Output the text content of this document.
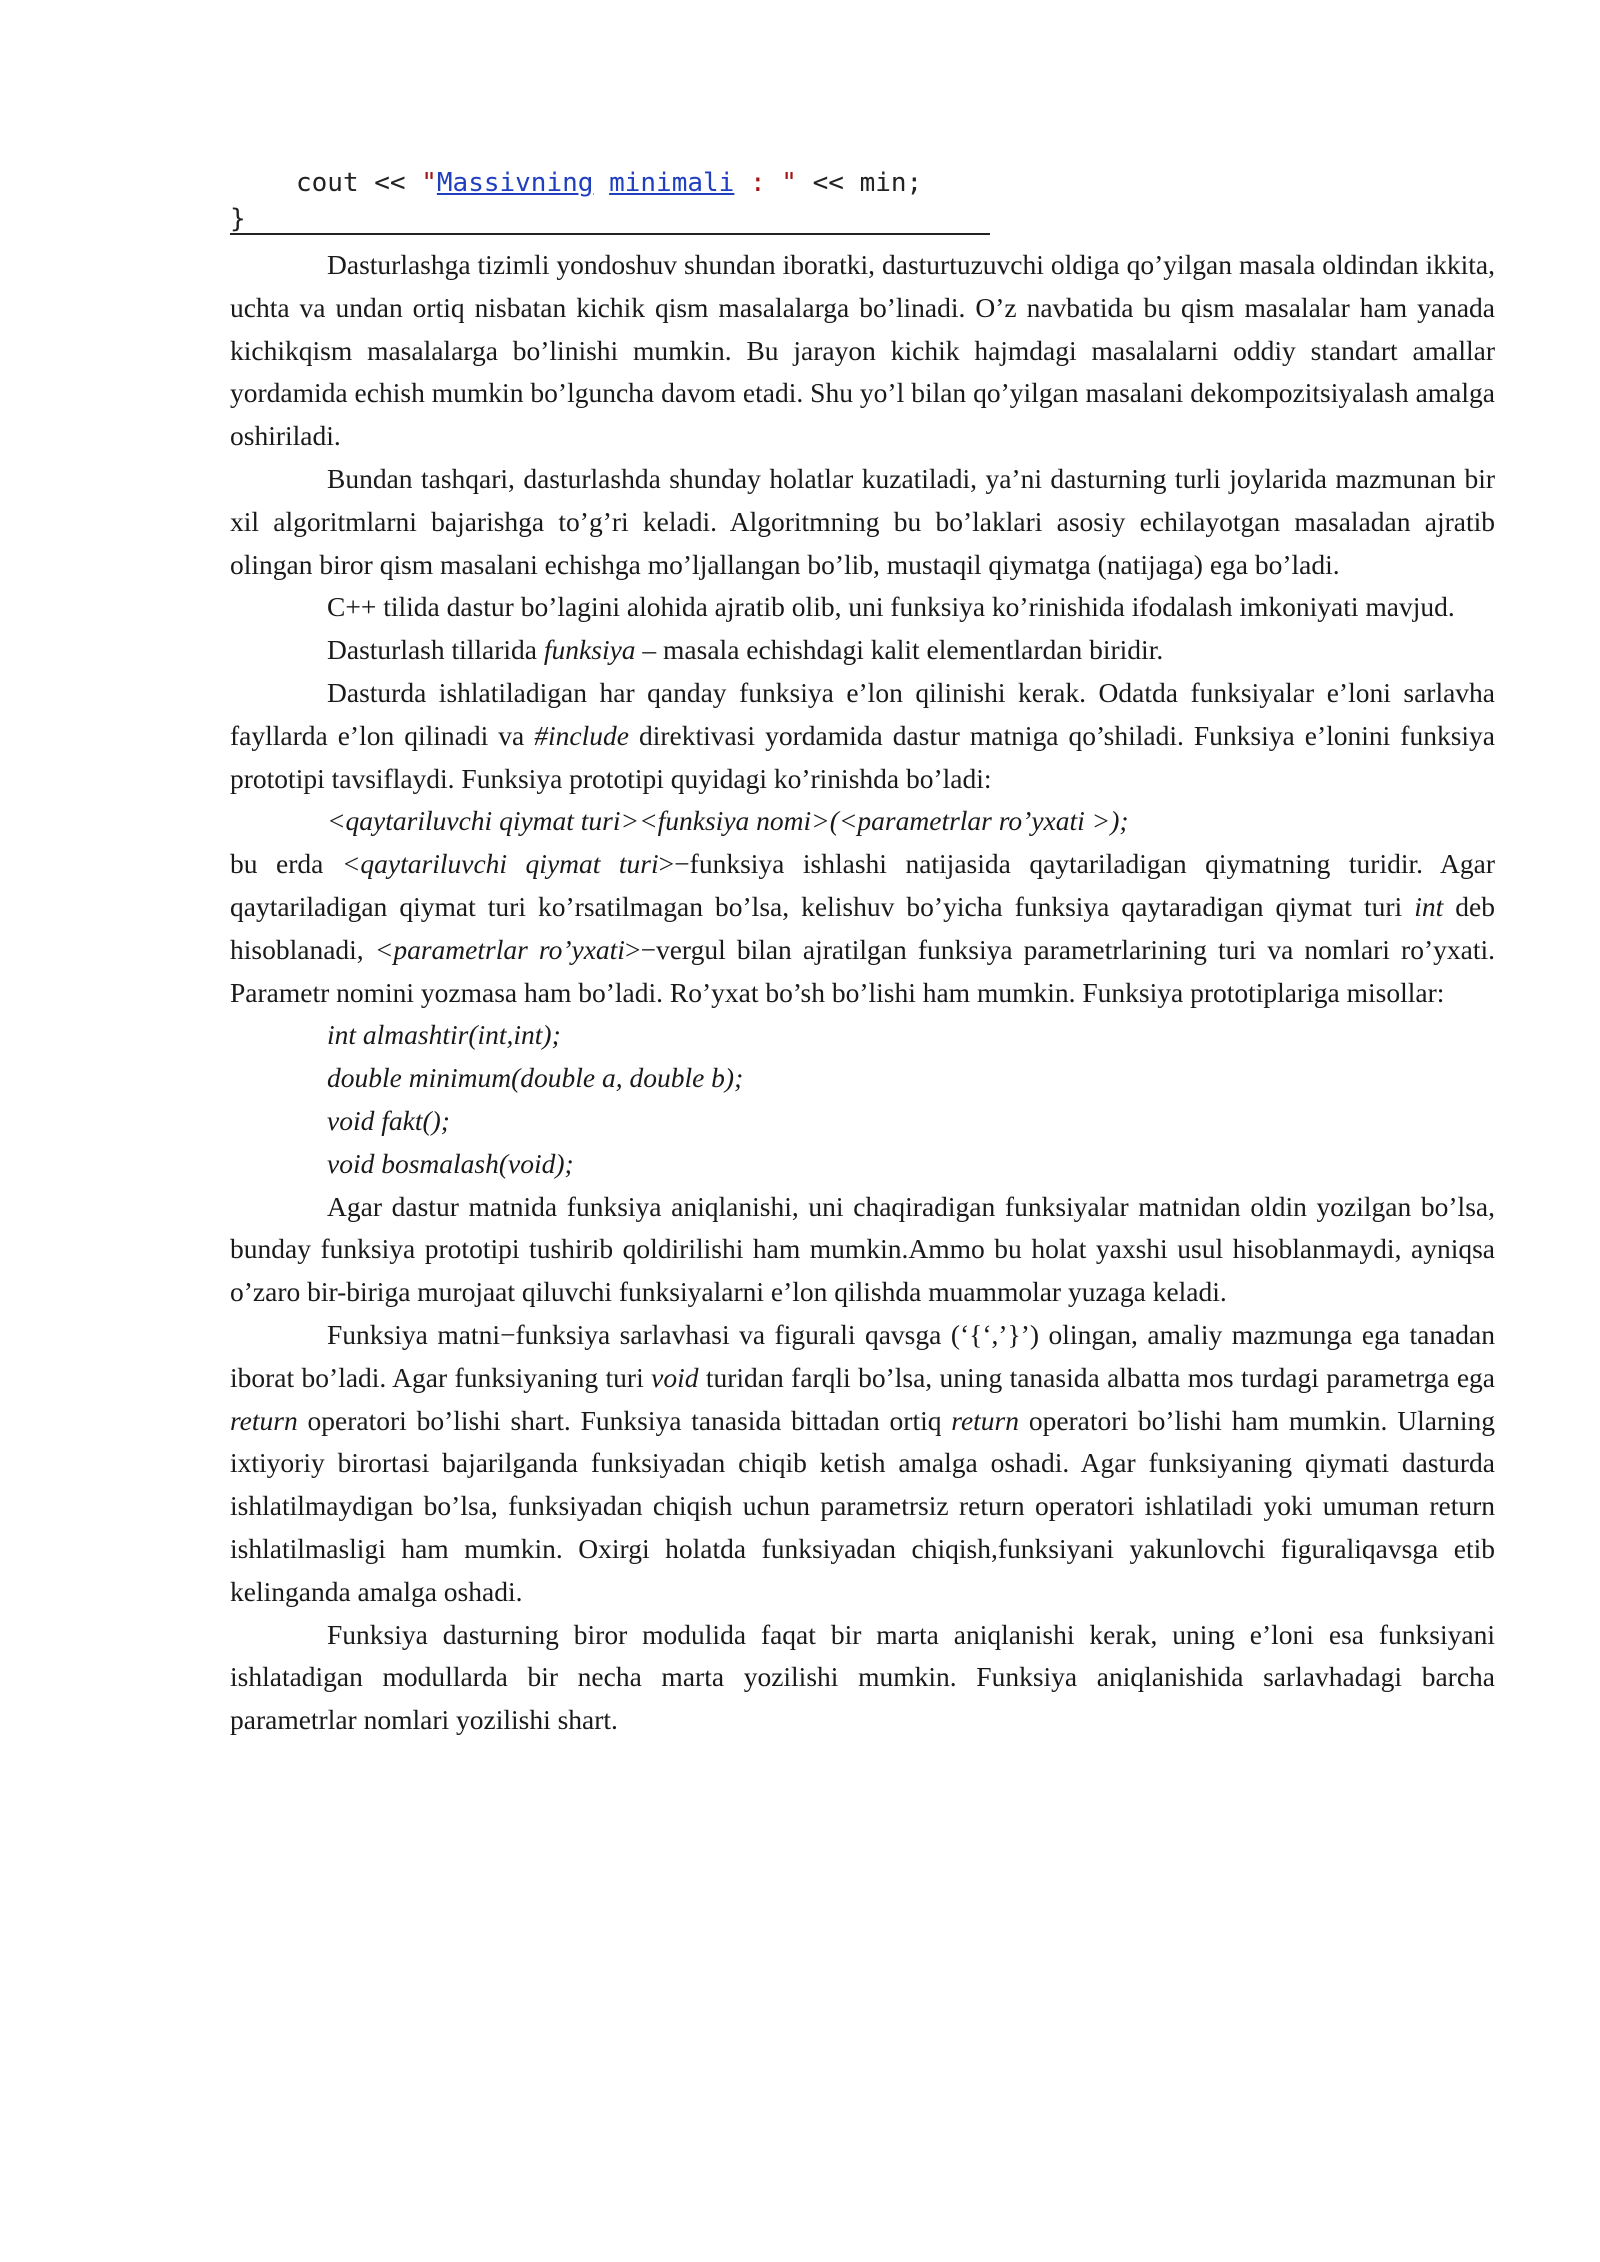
cout << "Massivning minimali : " << min;
}

Dasturlashga tizimli yondoshuv shundan iboratki, dasturtuzuvchi oldiga qo’yilgan masala oldindan ikkita, uchta va undan ortiq nisbatan kichik qism masalalarga bo’linadi. O’z navbatida bu qism masalalar ham yanada kichikqism masalalarga bo’linishi mumkin. Bu jarayon kichik hajmdagi masalalarni oddiy standart amallar yordamida echish mumkin bo’lguncha davom etadi. Shu yo’l bilan qo’yilgan masalani dekompozitsiyalash amalga oshiriladi.

Bundan tashqari, dasturlashda shunday holatlar kuzatiladi, ya’ni dasturning turli joylarida mazmunan bir xil algoritmlarni bajarishga to’g’ri keladi. Algoritmning bu bo’laklari asosiy echilayotgan masaladan ajratib olingan biror qism masalani echishga mo’ljallangan bo’lib, mustaqil qiymatga (natijaga) ega bo’ladi.

C++ tilida dastur bo’lagini alohida ajratib olib, uni funksiya ko’rinishida ifodalash imkoniyati mavjud.

Dasturlash tillarida funksiya – masala echishdagi kalit elementlardan biridir.

Dasturda ishlatiladigan har qanday funksiya e’lon qilinishi kerak. Odatda funksiyalar e’loni sarlavha fayllarda e’lon qilinadi va #include direktivasi yordamida dastur matniga qo’shiladi. Funksiya e’lonini funksiya prototipi tavsiflaydi. Funksiya prototipi quyidagi ko’rinishda bo’ladi:

<qaytariluvchi qiymat turi><funksiya nomi>(<parametrlar ro’yxati >);

bu erda <qaytariluvchi qiymat turi>−funksiya ishlashi natijasida qaytariladigan qiymatning turidir. Agar qaytariladigan qiymat turi ko’rsatilmagan bo’lsa, kelishuv bo’yicha funksiya qaytaradigan qiymat turi int deb hisoblanadi, <parametrlar ro’yxati>−vergul bilan ajratilgan funksiya parametrlarining turi va nomlari ro’yxati. Parametr nomini yozmasa ham bo’ladi. Ro’yxat bo’sh bo’lishi ham mumkin. Funksiya prototiplariga misollar:

int almashtir(int,int);

double minimum(double a, double b);

void fakt();

void bosmalash(void);

Agar dastur matnida funksiya aniqlanishi, uni chaqiradigan funksiyalar matnidan oldin yozilgan bo’lsa, bunday funksiya prototipi tushirib qoldirilishi ham mumkin.Ammo bu holat yaxshi usul hisoblanmaydi, ayniqsa o’zaro bir-biriga murojaat qiluvchi funksiyalarni e’lon qilishda muammolar yuzaga keladi.

Funksiya matni−funksiya sarlavhasi va figurali qavsga (‘{‘,’}’) olingan, amaliy mazmunga ega tanadan iborat bo’ladi. Agar funksiyaning turi void turidan farqli bo’lsa, uning tanasida albatta mos turdagi parametrga ega return operatori bo’lishi shart. Funksiya tanasida bittadan ortiq return operatori bo’lishi ham mumkin. Ularning ixtiyoriy birortasi bajarilganda funksiyadan chiqib ketish amalga oshadi. Agar funksiyaning qiymati dasturda ishlatilmaydigan bo’lsa, funksiyadan chiqish uchun parametrsiz return operatori ishlatiladi yoki umuman return ishlatilmasligi ham mumkin. Oxirgi holatda funksiyadan chiqish,funksiyani yakunlovchi figuraliqavsga etib kelinganda amalga oshadi.

Funksiya dasturning biror modulida faqat bir marta aniqlanishi kerak, uning e’loni esa funksiyani ishlatadigan modullarda bir necha marta yozilishi mumkin. Funksiya aniqlanishida sarlavhadagi barcha parametrlar nomlari yozilishi shart.
